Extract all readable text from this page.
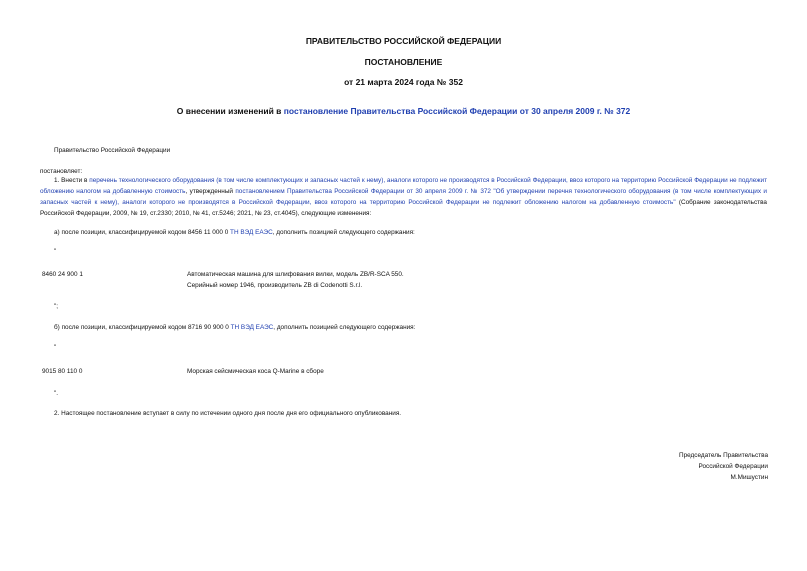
ПРАВИТЕЛЬСТВО РОССИЙСКОЙ ФЕДЕРАЦИИ
ПОСТАНОВЛЕНИЕ
от 21 марта 2024 года № 352
О внесении изменений в постановление Правительства Российской Федерации от 30 апреля 2009 г. № 372
Правительство Российской Федерации
постановляет:
1. Внести в перечень технологического оборудования (в том числе комплектующих и запасных частей к нему), аналоги которого не производятся в Российской Федерации, ввоз которого на территорию Российской Федерации не подлежит обложению налогом на добавленную стоимость, утвержденный постановлением Правительства Российской Федерации от 30 апреля 2009 г. № 372 "Об утверждении перечня технологического оборудования (в том числе комплектующих и запасных частей к нему), аналоги которого не производятся в Российской Федерации, ввоз которого на территорию Российской Федерации не подлежит обложению налогом на добавленную стоимость" (Собрание законодательства Российской Федерации, 2009, № 19, ст.2330; 2010, № 41, ст.5246; 2021, № 23, ст.4045), следующие изменения:
а) после позиции, классифицируемой кодом 8456 11 000 0 ТН ВЭД ЕАЭС, дополнить позицией следующего содержания:
"
8460 24 900 1	Автоматическая машина для шлифования вилки, модель ZB/R-SCA 550.
Серийный номер 1946, производитель ZB di Codenotti S.r.l.
";
б) после позиции, классифицируемой кодом 8716 90 900 0 ТН ВЭД ЕАЭС, дополнить позицией следующего содержания:
"
9015 80 110 0	Морская сейсмическая коса Q-Marine в сборе
".
2. Настоящее постановление вступает в силу по истечении одного дня после дня его официального опубликования.
Председатель Правительства
Российской Федерации
М.Мишустин
